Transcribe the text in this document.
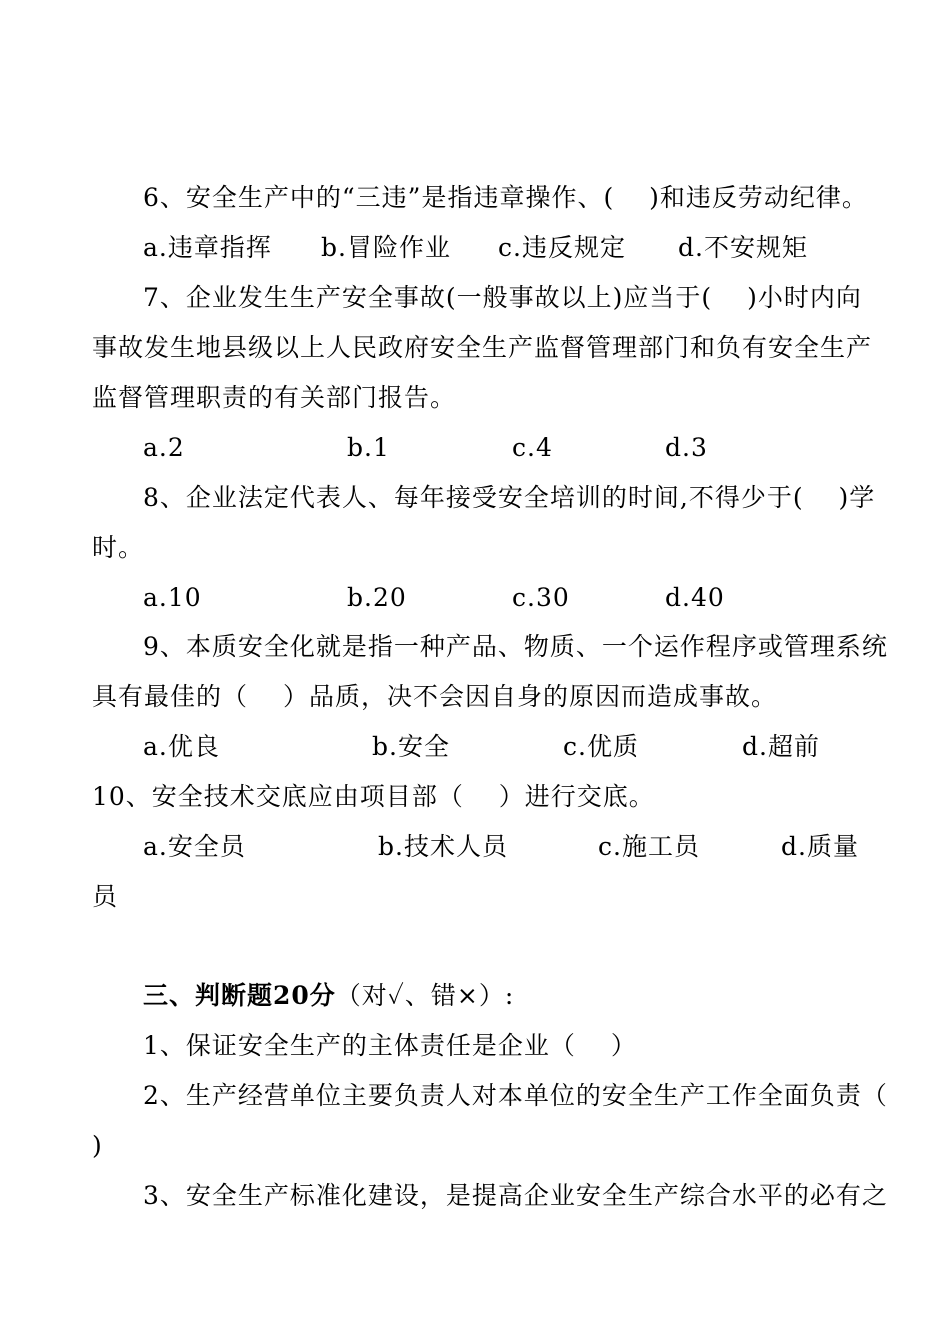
6、安全生产中的“三违”是指违章操作、(　 )和违反劳动纪律。
a.违章指挥 b.冒险作业 c.违反规定 d.不安规矩
7、企业发生生产安全事故(一般事故以上)应当于(　 )小时内向
事故发生地县级以上人民政府安全生产监督管理部门和负有安全生产
监督管理职责的有关部门报告。
a.2	b.1	c.4	d.3
8、企业法定代表人、每年接受安全培训的时间,不得少于(　 )学
时。
a.10	b.20	c.30	d.40
9、本质安全化就是指一种产品、物质、一个运作程序或管理系统
具有最佳的（　 ）品质，决不会因自身的原因而造成事故。
a.优良	b.安全	c.优质	d.超前
10、安全技术交底应由项目部（　 ）进行交底。
a.安全员	b.技术人员	c.施工员	d.质量
员
三、判断题20分（对✓、错×）:
1、保证安全生产的主体责任是企业（　 ）
2、生产经营单位主要负责人对本单位的安全生产工作全面负责（
)
3、安全生产标准化建设，是提高企业安全生产综合水平的必有之
